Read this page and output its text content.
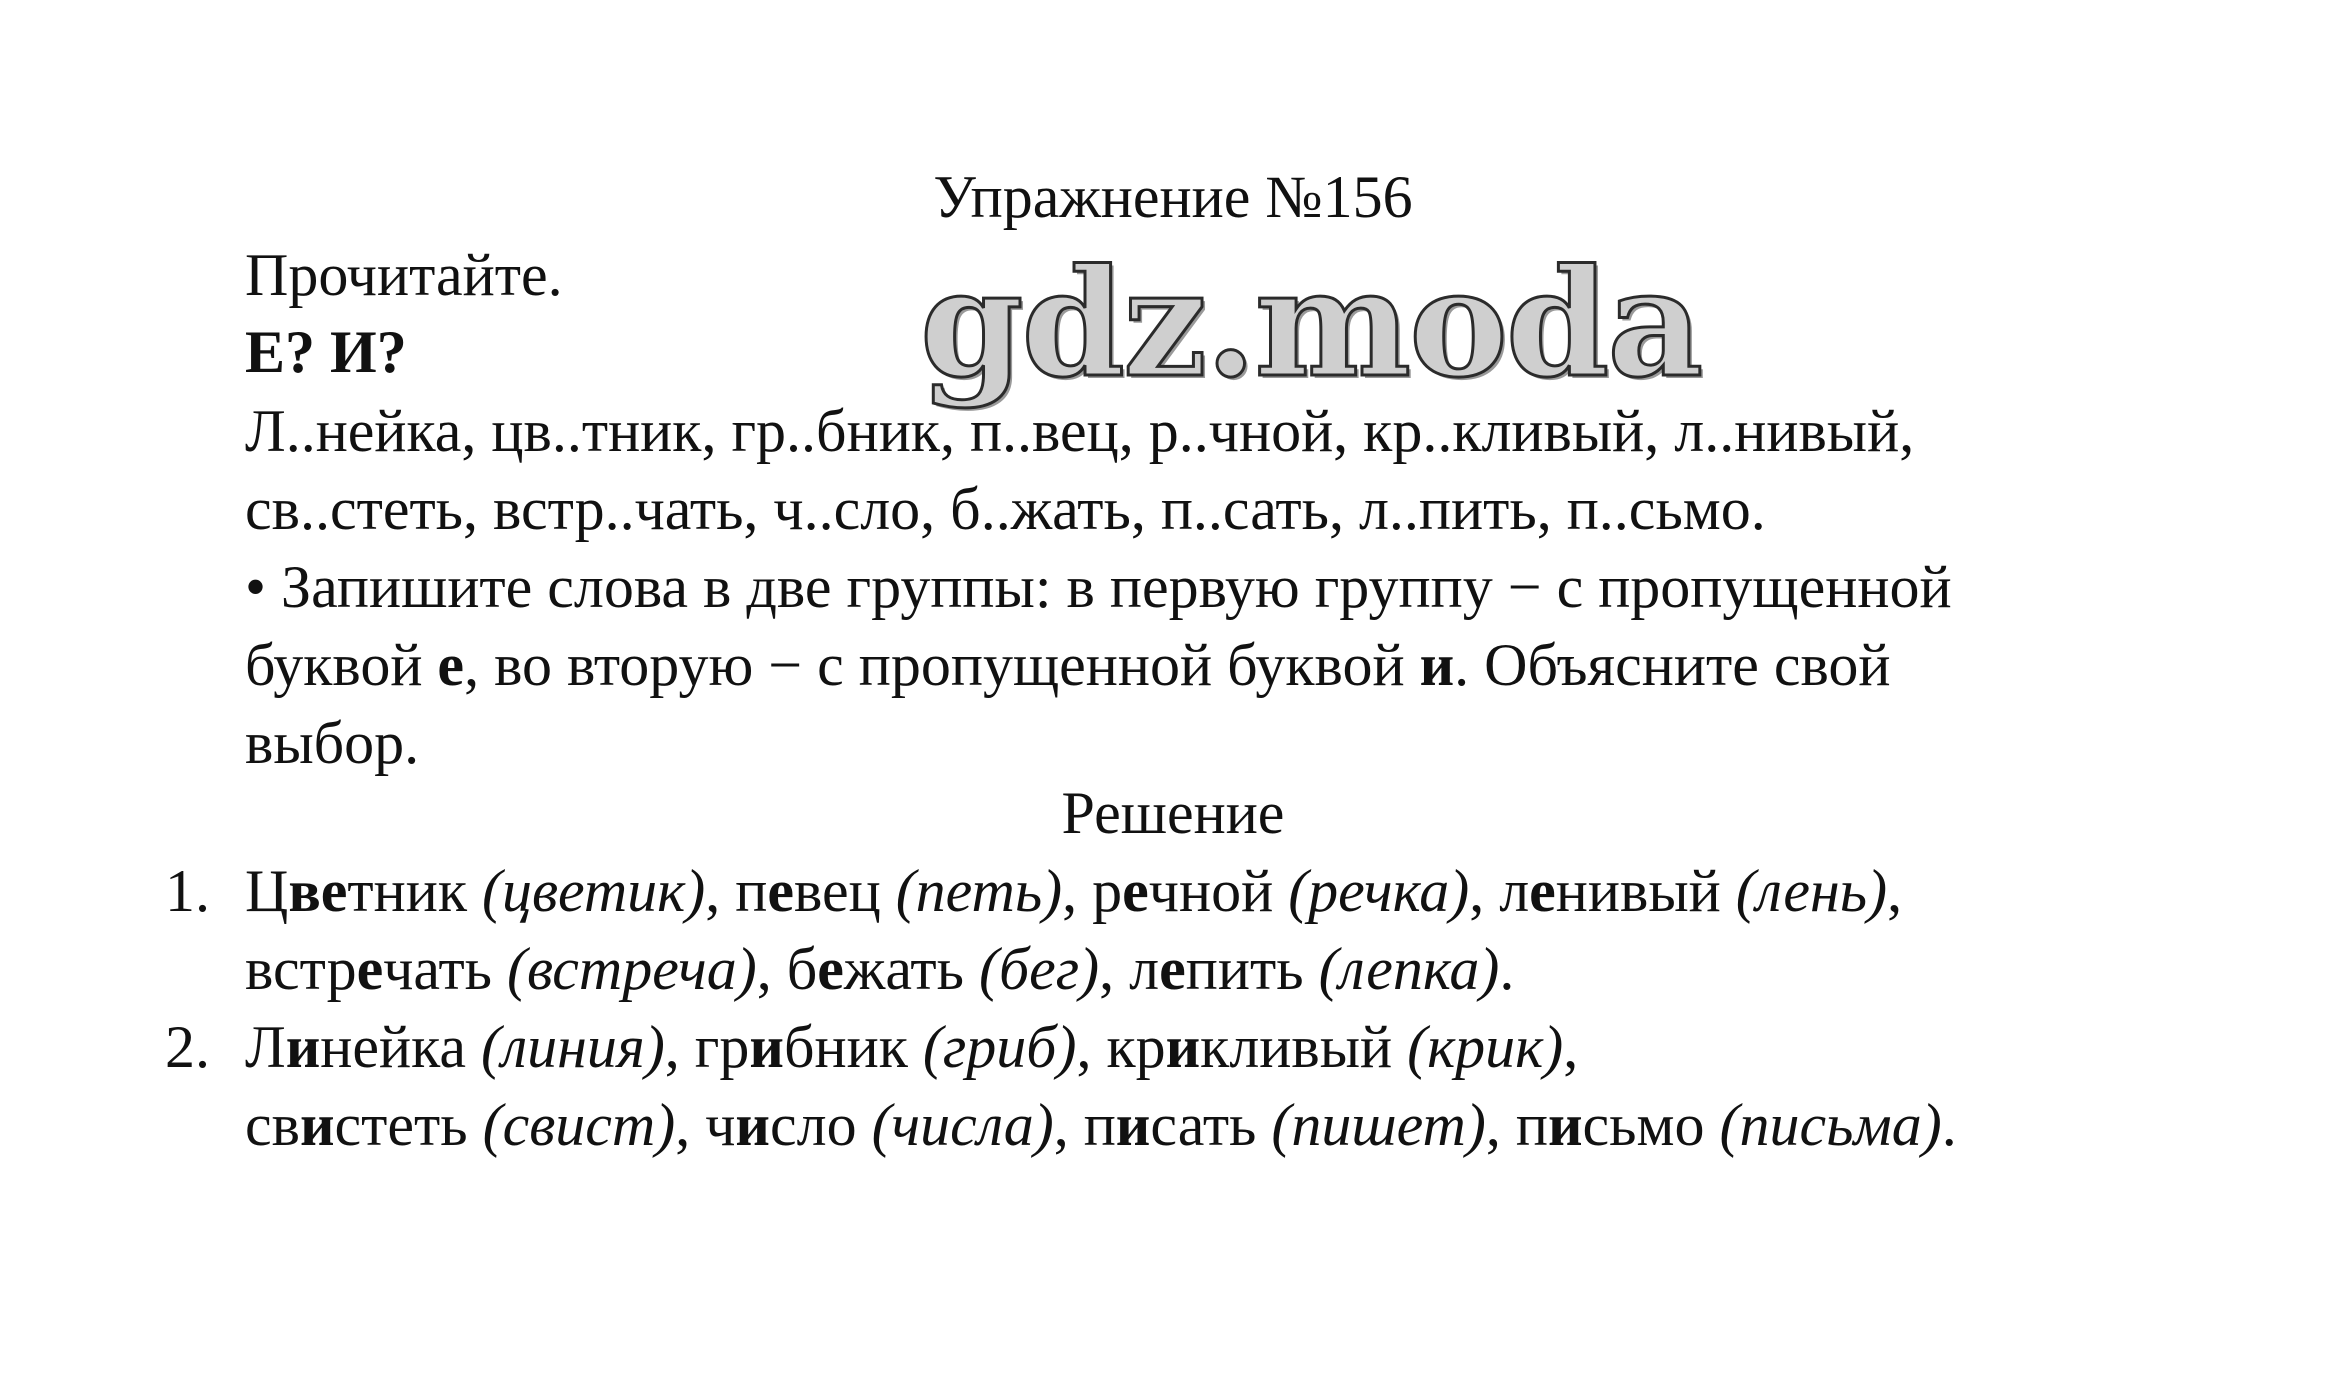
Упражнение №156
Прочитайте. gdz.moda
Е? И?
Л..нейка, цв..тник, гр..бник, п..вец, р..чной, кр..кливый, л..нивый,
св..стеть, встр..чать, ч..сло, б..жать, п..сать, л..пить, п..сьмо.
• Запишите слова в две группы: в первую группу − с пропущенной
буквой е, во вторую − с пропущенной буквой и. Объясните свой
выбор.
Решение
1. Цветник (цветик), певец (петь), речной (речка), ленивый (лень),
встречать (встреча), бежать (бег), лепить (лепка).
2. Линейка (линия), грибник (гриб), крикливый (крик),
свистеть (свист), число (числа), писать (пишет), письмо (письма).
